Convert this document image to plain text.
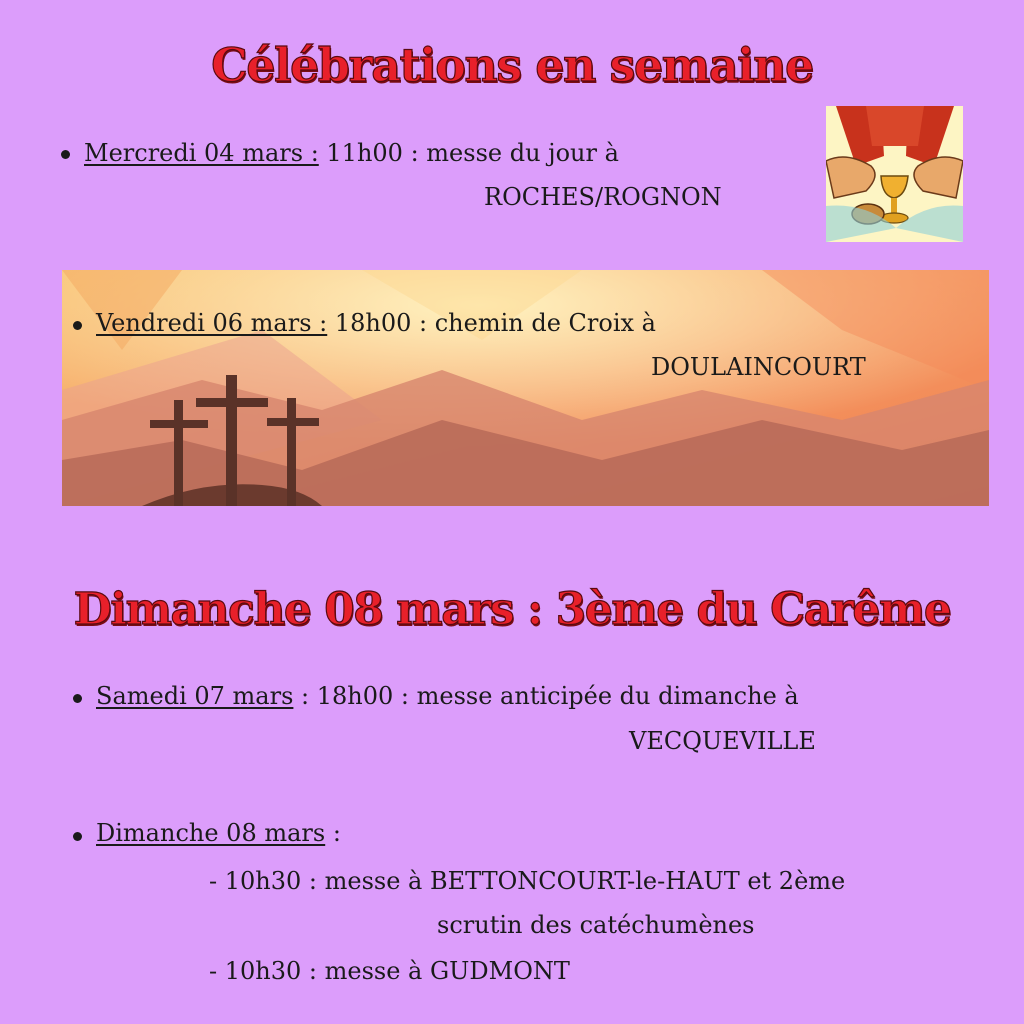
Célébrations en semaine
Mercredi 04 mars : 11h00 : messe du jour à
ROCHES/ROGNON
Vendredi 06 mars : 18h00 : chemin de Croix à
DOULAINCOURT
Dimanche 08 mars : 3ème du Carême
Samedi 07 mars : 18h00 : messe anticipée du dimanche à
VECQUEVILLE
Dimanche 08 mars :
- 10h30 : messe à BETTONCOURT-le-HAUT et 2ème
scrutin des catéchumènes
- 10h30 : messe à GUDMONT
